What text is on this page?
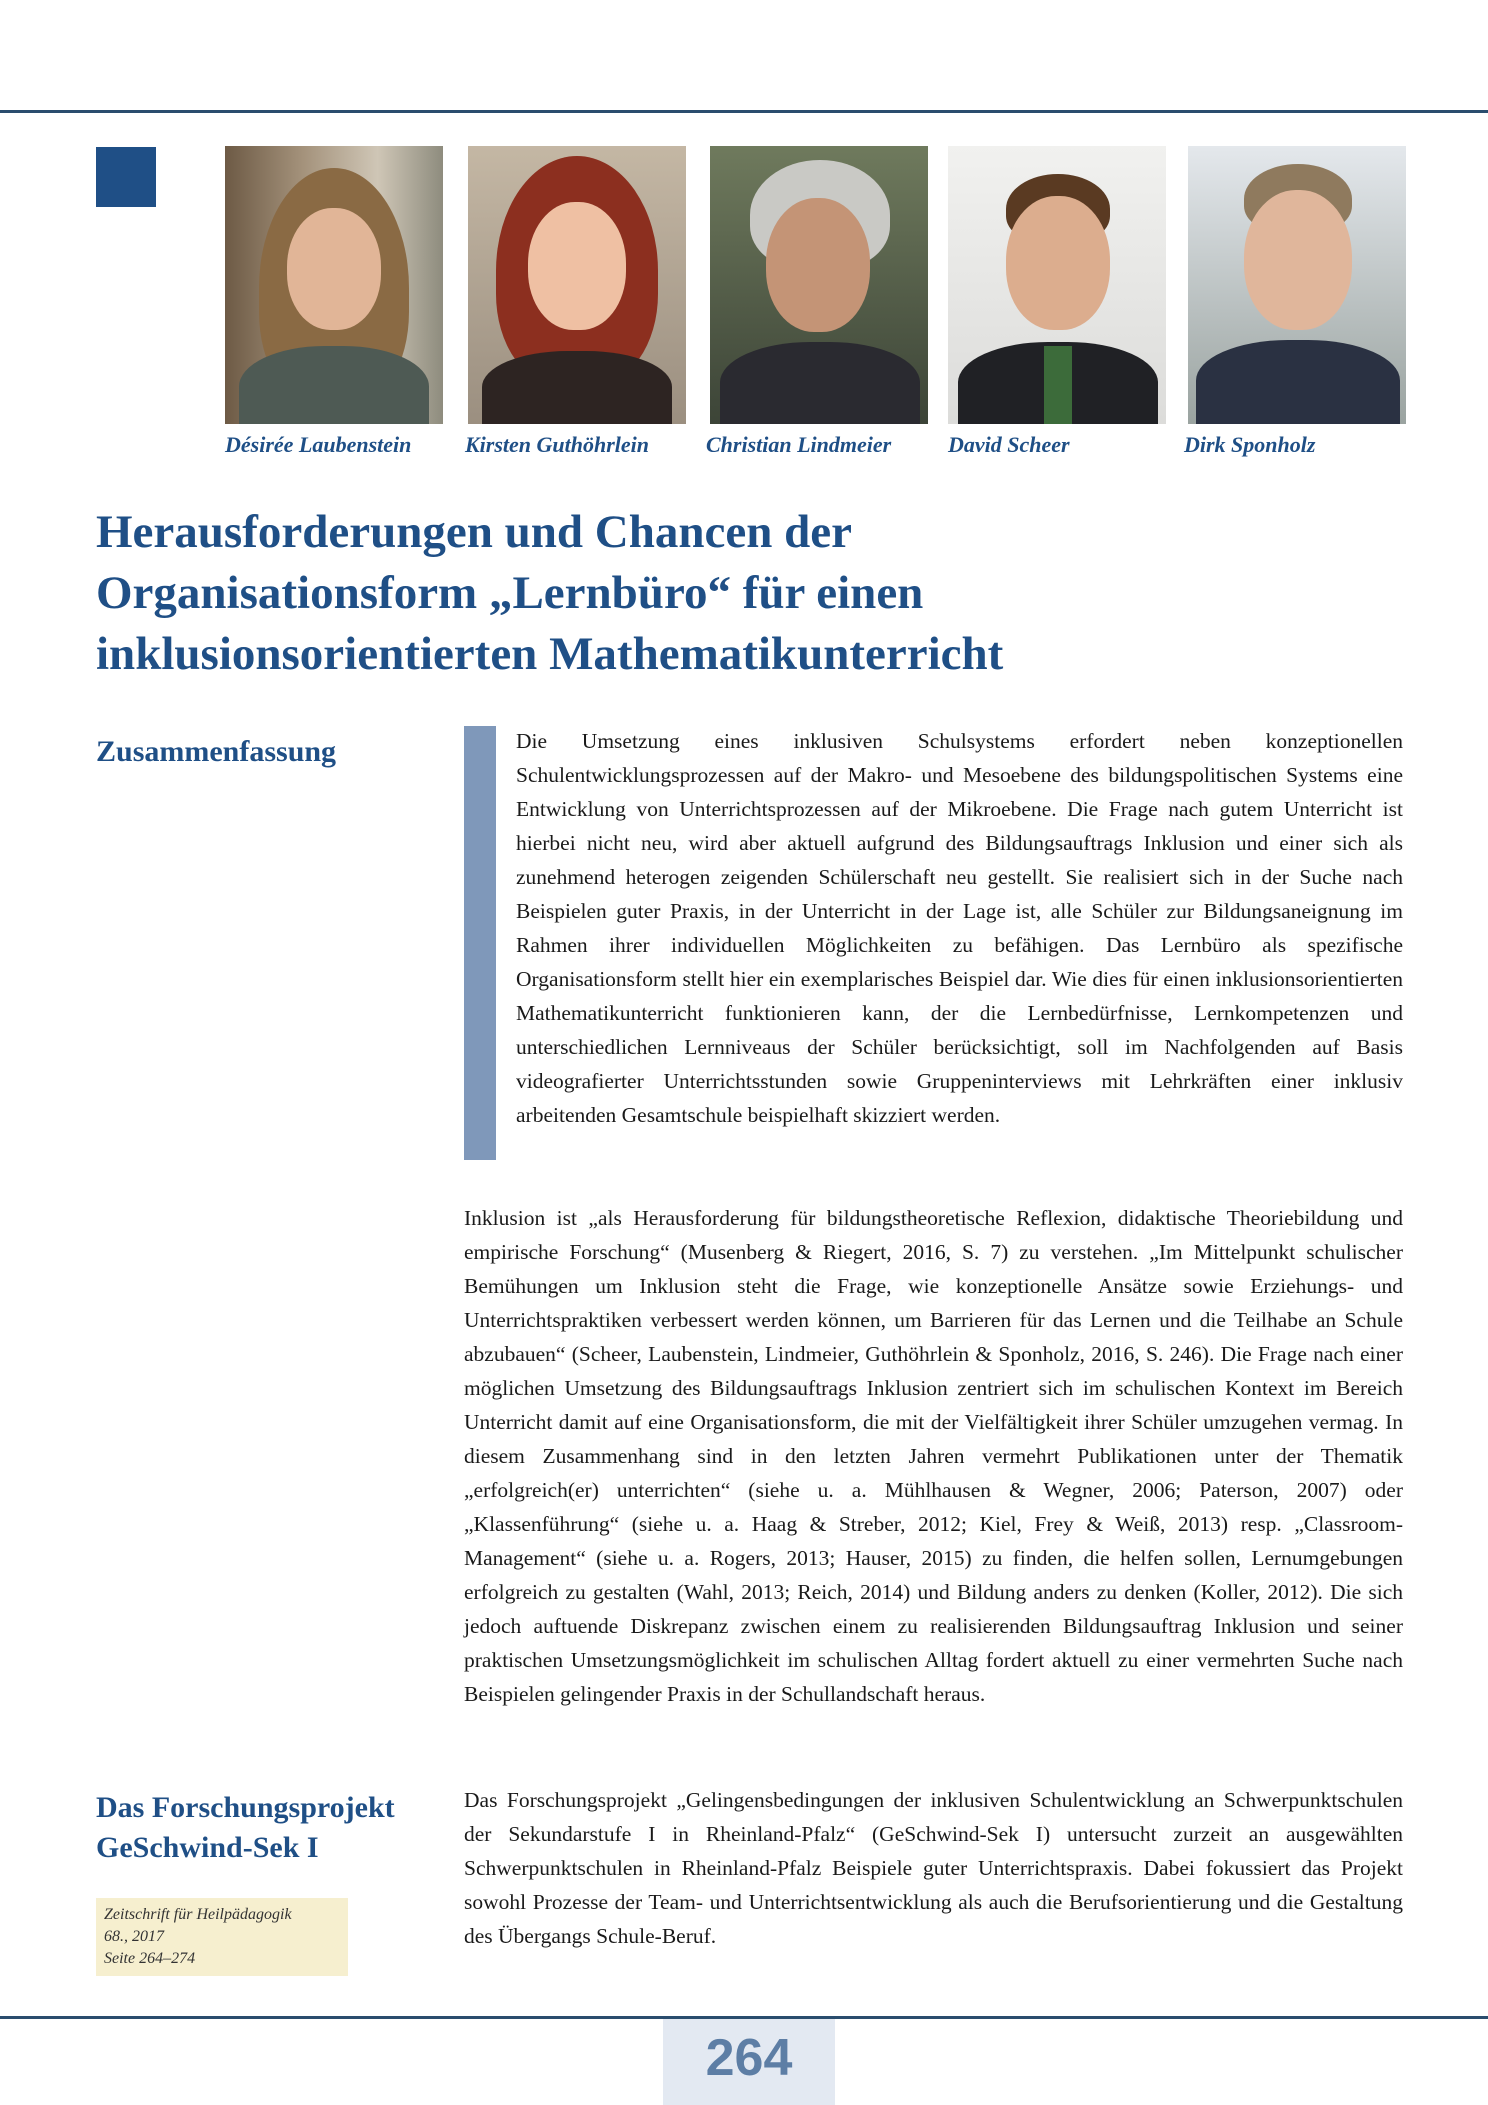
Désirée Laubenstein Kirsten Guthöhrlein	Christian Lindmeier	David Scheer	Dirk Sponholz
Herausforderungen und Chancen der
Organisationsform „Lernbüro“ für einen
inklusionsorientierten Mathematikunterricht
Zusammenfassung	Die Umsetzung eines inklusiven Schulsystems erfordert neben konzeptionellen Schulentwicklungsprozessen auf der Makro- und Mesoebene des bildungspolitischen Systems eine Entwicklung von Unterrichtsprozessen auf der Mikroebene. Die Frage nach gutem Unterricht ist hierbei nicht neu, wird aber aktuell aufgrund des Bildungsauftrags Inklusion und einer sich als zunehmend heterogen zeigenden Schülerschaft neu gestellt. Sie realisiert sich in der Suche nach Beispielen guter Praxis, in der Unterricht in der Lage ist, alle Schüler zur Bildungsaneignung im Rahmen ihrer individuellen Möglichkeiten zu befähigen. Das Lernbüro als spezifische Organisationsform stellt hier ein exemplarisches Beispiel dar. Wie dies für einen inklusionsorientierten Mathematikunterricht funktionieren kann, der die Lernbedürfnisse, Lernkompetenzen und unterschiedlichen Lernniveaus der Schüler berücksichtigt, soll im Nachfolgenden auf Basis videografierter Unterrichtsstunden sowie Gruppeninterviews mit Lehrkräften einer inklusiv arbeitenden Gesamtschule beispielhaft skizziert werden.

Inklusion ist „als Herausforderung für bildungstheoretische Reflexion, didaktische Theoriebildung und empirische Forschung“ (Musenberg & Riegert, 2016, S. 7) zu verstehen. „Im Mittelpunkt schulischer Bemühungen um Inklusion steht die Frage, wie konzeptionelle Ansätze sowie Erziehungs- und Unterrichtspraktiken verbessert werden können, um Barrieren für das Lernen und die Teilhabe an Schule abzubauen“ (Scheer, Laubenstein, Lindmeier, Guthöhrlein & Sponholz, 2016, S. 246). Die Frage nach einer möglichen Umsetzung des Bildungsauftrags Inklusion zentriert sich im schulischen Kontext im Bereich Unterricht damit auf eine Organisationsform, die mit der Vielfältigkeit ihrer Schüler umzugehen vermag. In diesem Zusammenhang sind in den letzten Jahren vermehrt Publikationen unter der Thematik „erfolgreich(er) unterrichten“ (siehe u. a. Mühlhausen & Wegner, 2006; Paterson, 2007) oder „Klassenführung“ (siehe u. a. Haag & Streber, 2012; Kiel, Frey & Weiß, 2013) resp. „Classroom-Management“ (siehe u. a. Rogers, 2013; Hauser, 2015) zu finden, die helfen sollen, Lernumgebungen erfolgreich zu gestalten (Wahl, 2013; Reich, 2014) und Bildung anders zu denken (Koller, 2012). Die sich jedoch auftuende Diskrepanz zwischen einem zu realisierenden Bildungsauftrag Inklusion und seiner praktischen Umsetzungsmöglichkeit im schulischen Alltag fordert aktuell zu einer vermehrten Suche nach Beispielen gelingender Praxis in der Schullandschaft heraus.

Das Forschungsprojekt
GeSchwind-Sek I

Das Forschungsprojekt „Gelingensbedingungen der inklusiven Schulentwicklung an Schwerpunktschulen der Sekundarstufe I in Rheinland-Pfalz“ (GeSchwind-Sek I) untersucht zurzeit an ausgewählten Schwerpunktschulen in Rheinland-Pfalz Beispiele guter Unterrichtspraxis. Dabei fokussiert das Projekt sowohl Prozesse der Team- und Unterrichtsentwicklung als auch die Berufsorientierung und die Gestaltung des Übergangs Schule-Beruf.

Zeitschrift für Heilpädagogik
68., 2017
Seite 264–274
264
